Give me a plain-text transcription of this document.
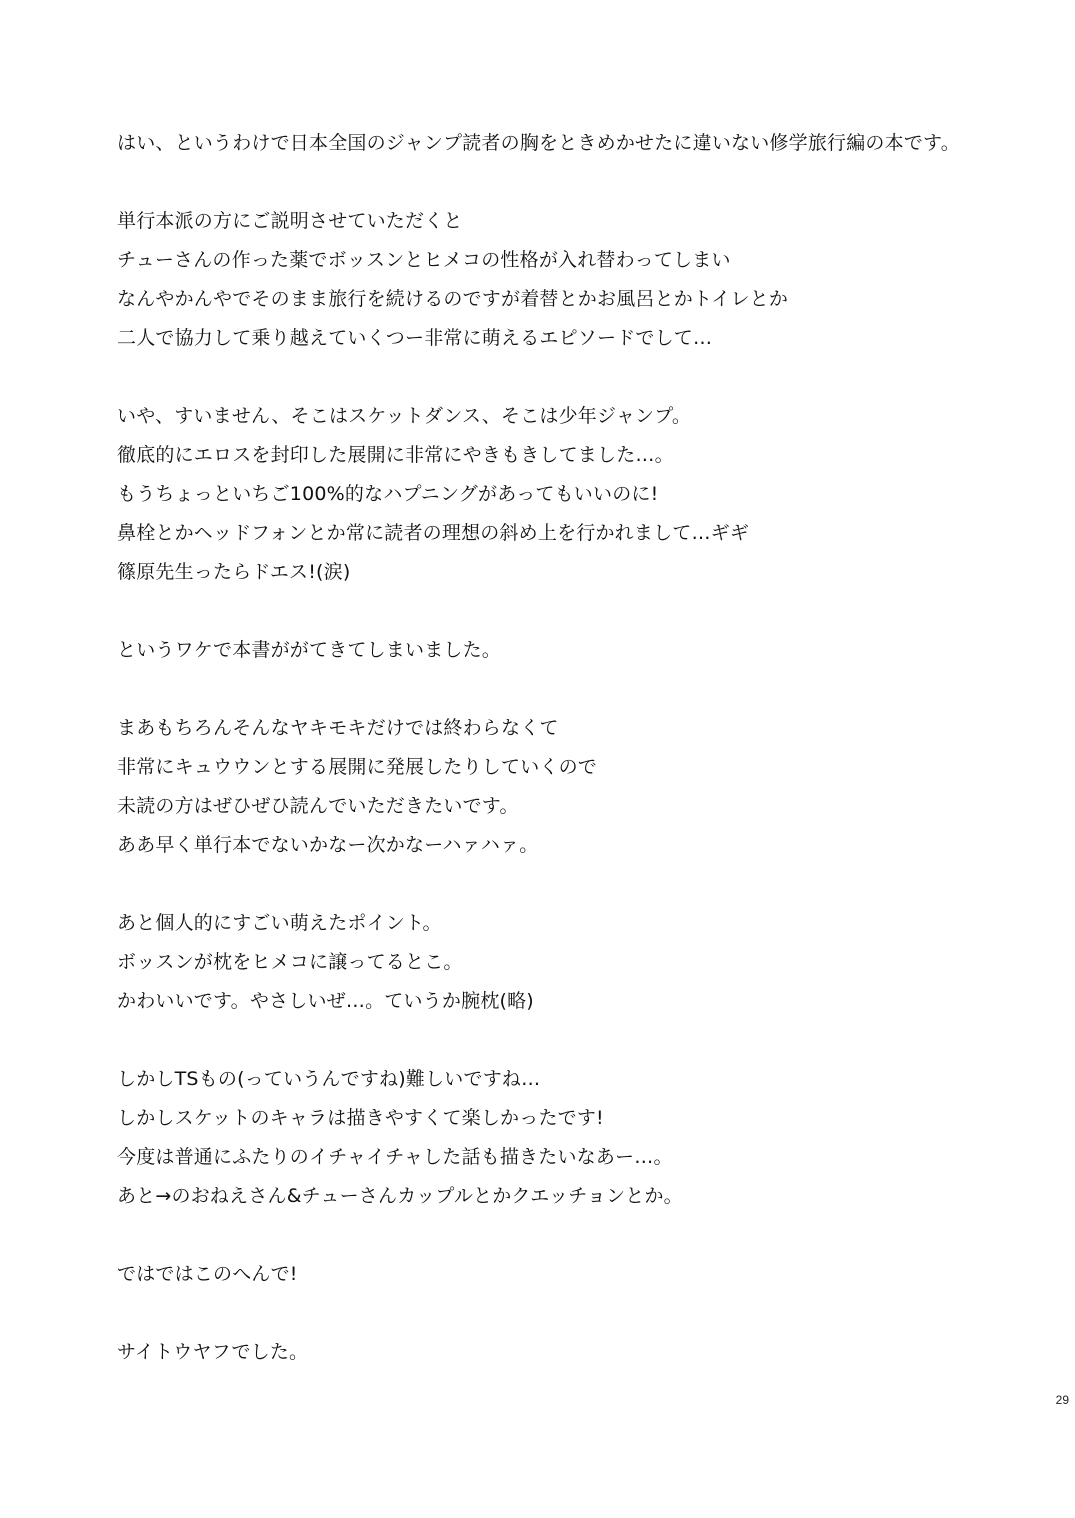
はい、というわけで日本全国のジャンプ読者の胸をときめかせたに違いない修学旅行編の本です。
単行本派の方にご説明させていただくと
チューさんの作った薬でボッスンとヒメコの性格が入れ替わってしまい
なんやかんやでそのまま旅行を続けるのですが着替とかお風呂とかトイレとか
二人で協力して乗り越えていくつー非常に萌えるエピソードでして…
いや、すいません、そこはスケットダンス、そこは少年ジャンプ。
徹底的にエロスを封印した展開に非常にやきもきしてました…。
もうちょっといちご100%的なハプニングがあってもいいのに!
鼻栓とかヘッドフォンとか常に読者の理想の斜め上を行かれまして…ギギ
篠原先生ったらドエス!(涙)
というワケで本書ががてきてしまいました。
まあもちろんそんなヤキモキだけでは終わらなくて
非常にキュウウンとする展開に発展したりしていくので
未読の方はぜひぜひ読んでいただきたいです。
ああ早く単行本でないかなー次かなーハァハァ。
あと個人的にすごい萌えたポイント。
ボッスンが枕をヒメコに譲ってるとこ。
かわいいです。やさしいぜ…。ていうか腕枕(略)
しかしTSもの(っていうんですね)難しいですね…
しかしスケットのキャラは描きやすくて楽しかったです!
今度は普通にふたりのイチャイチャした話も描きたいなあー…。
あと→のおねえさん&チューさんカップルとかクエッチョンとか。
ではではこのへんで!
サイトウヤフでした。
29
